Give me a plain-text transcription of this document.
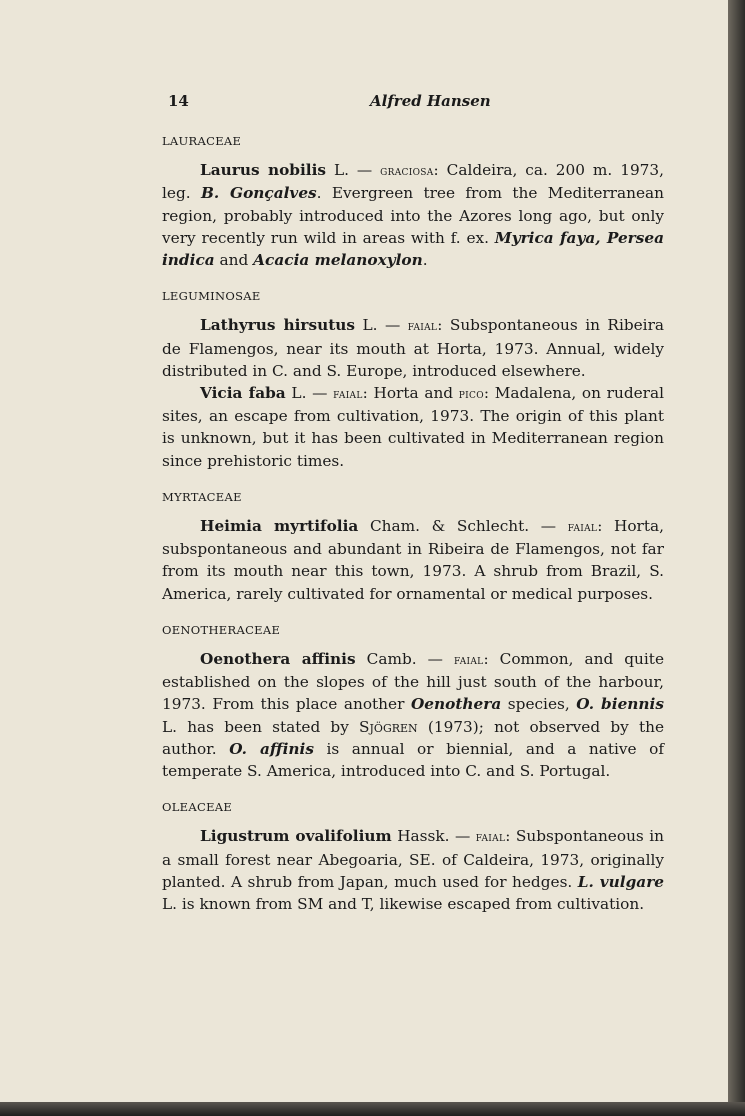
14	Alfred Hansen

LAURACEAE

Laurus nobilis L. — graciosa: Caldeira, ca. 200 m. 1973, leg. B. Gonçalves. Evergreen tree from the Mediterranean region, probably introduced into the Azores long ago, but only very recently run wild in areas with f. ex. Myrica faya, Persea indica and Acacia melanoxylon.

LEGUMINOSAE

Lathyrus hirsutus L. — faial: Subspontaneous in Ribeira de Flamengos, near its mouth at Horta, 1973. Annual, widely distributed in C. and S. Europe, introduced elsewhere.

Vicia faba L. — faial: Horta and pico: Madalena, on ruderal sites, an escape from cultivation, 1973. The origin of this plant is unknown, but it has been cultivated in Mediterranean region since prehistoric times.

MYRTACEAE

Heimia myrtifolia Cham. & Schlecht. — faial: Horta, subspontaneous and abundant in Ribeira de Flamengos, not far from its mouth near this town, 1973. A shrub from Brazil, S. America, rarely cultivated for ornamental or medical purposes.

OENOTHERACEAE

Oenothera affinis Camb. — faial: Common, and quite established on the slopes of the hill just south of the harbour, 1973. From this place another Oenothera species, O. biennis L. has been stated by Sjögren (1973); not observed by the author. O. affinis is annual or biennial, and a native of temperate S. America, introduced into C. and S. Portugal.

OLEACEAE

Ligustrum ovalifolium Hassk. — faial: Subspontaneous in a small forest near Abegoaria, SE. of Caldeira, 1973, originally planted. A shrub from Japan, much used for hedges. L. vulgare L. is known from SM and T, likewise escaped from cultivation.
